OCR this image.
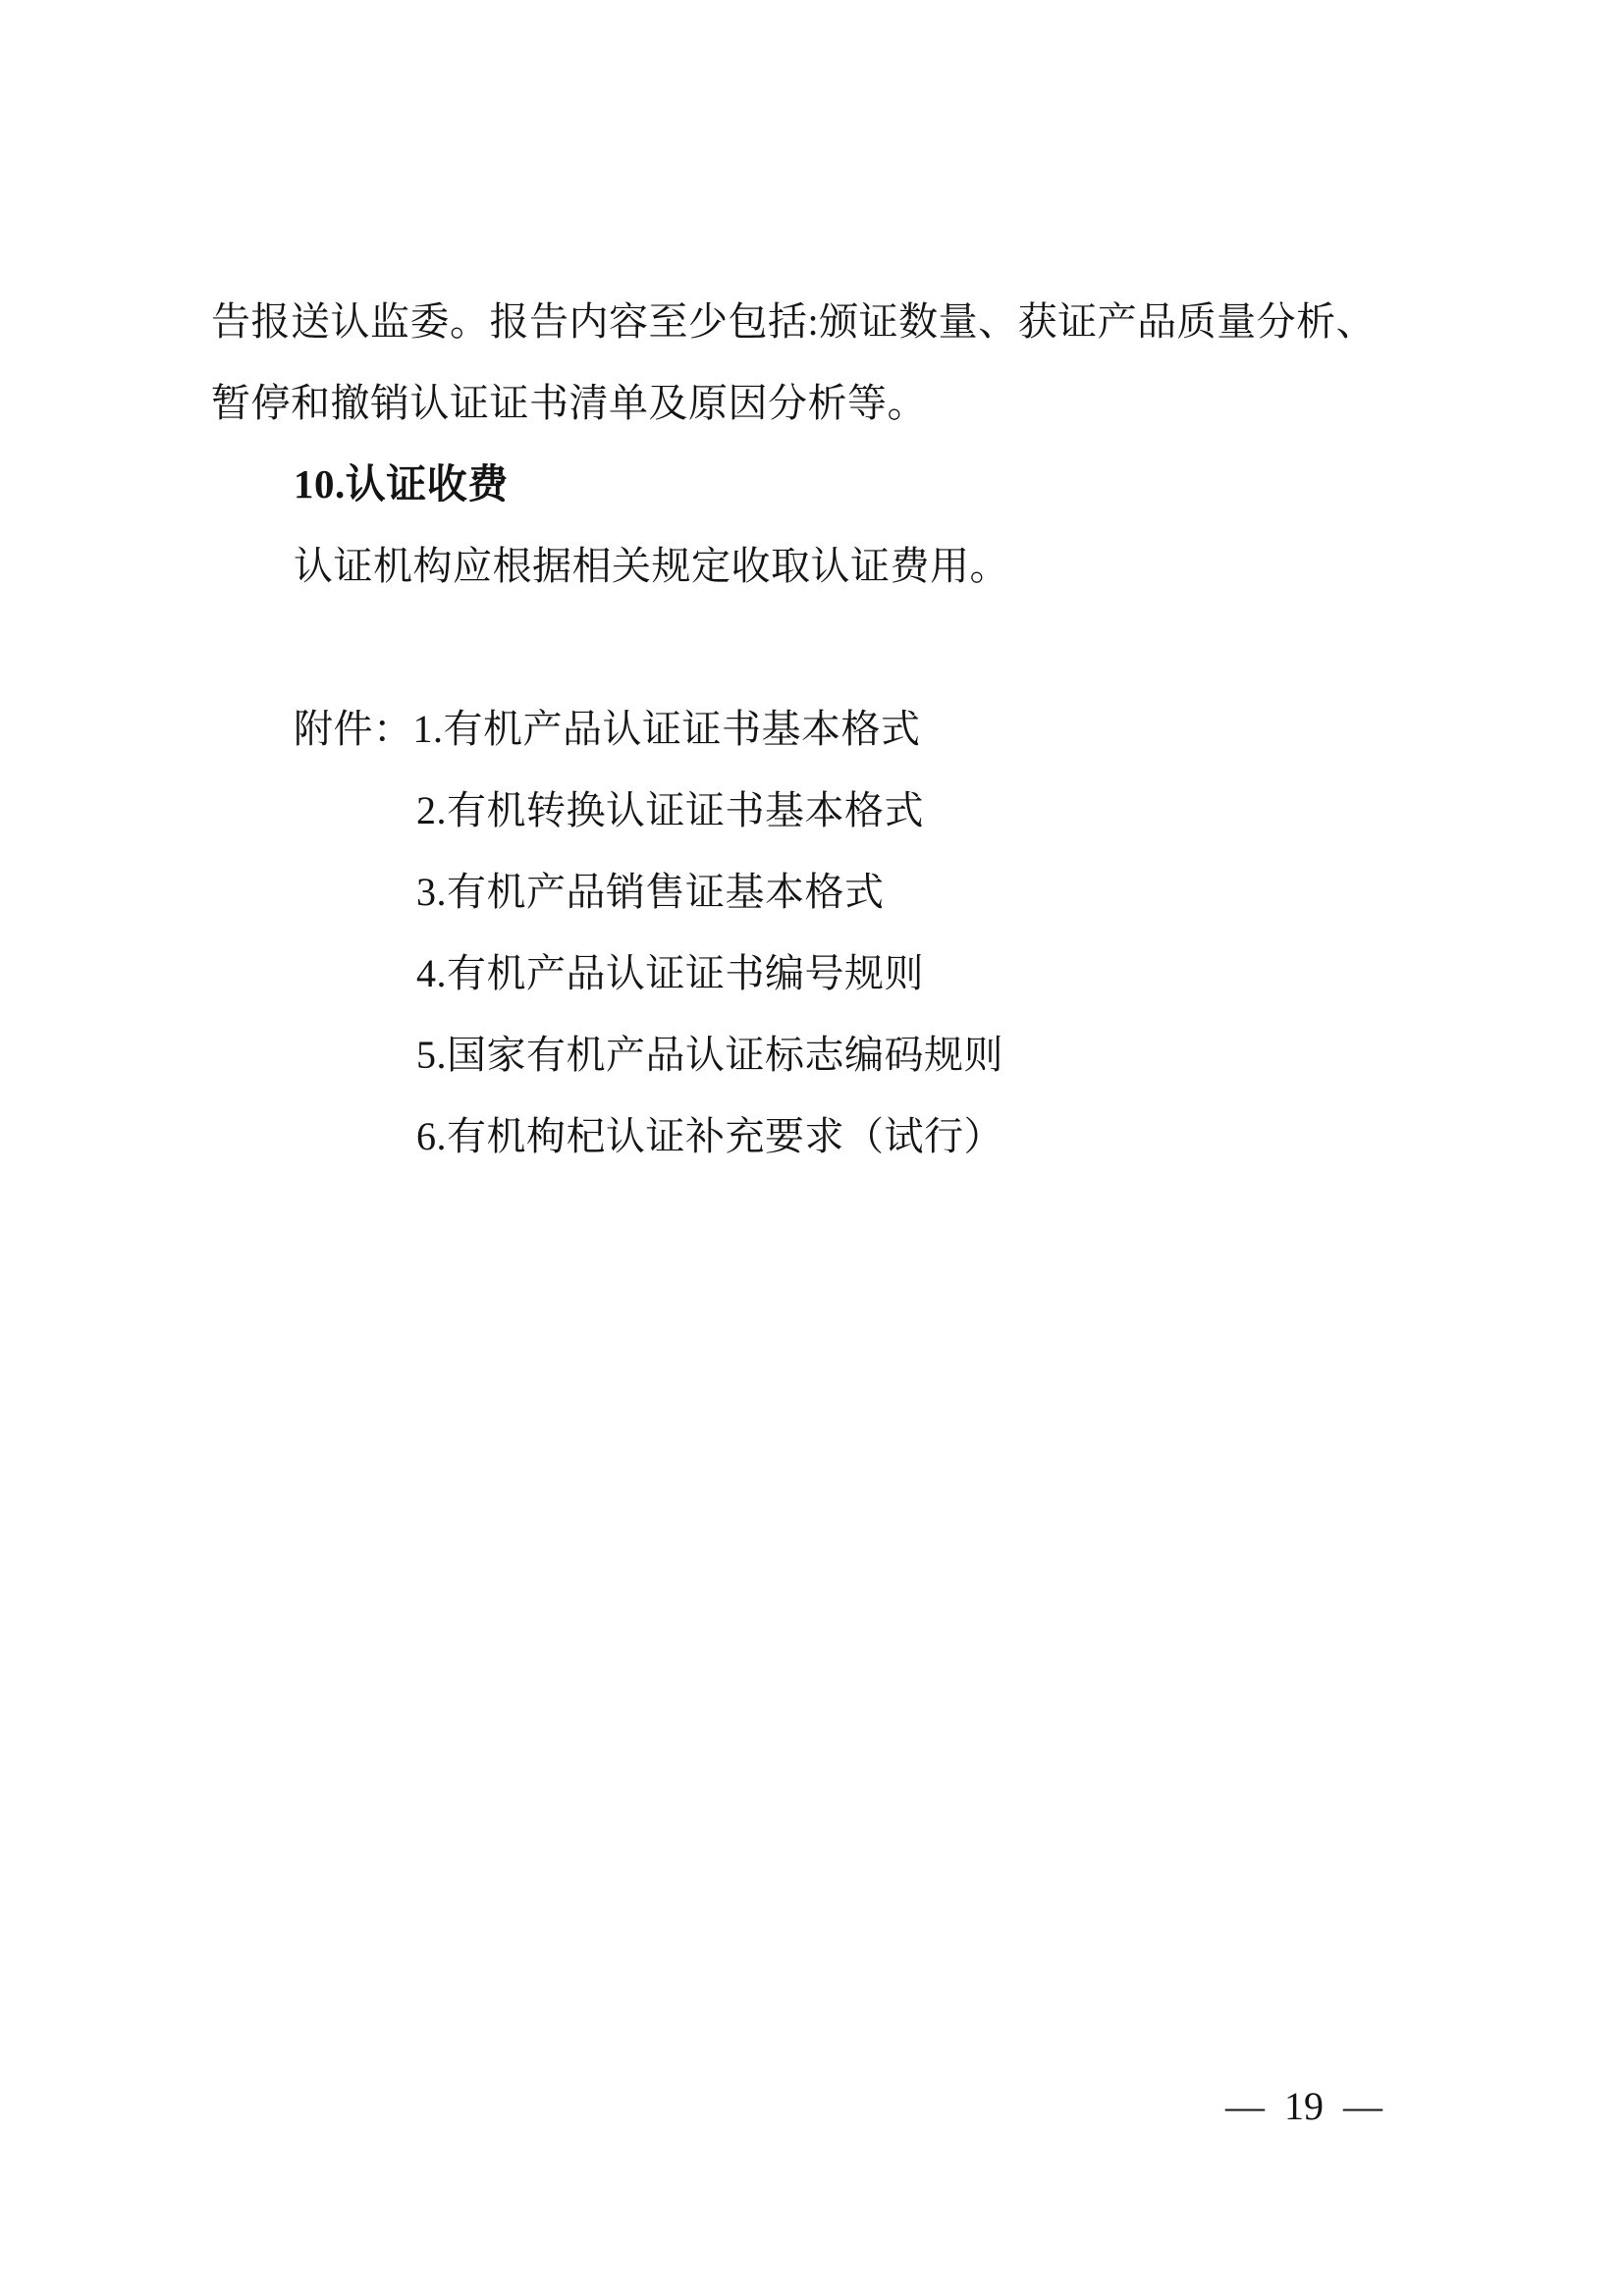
告报送认监委。报告内容至少包括:颁证数量、获证产品质量分析、
暂停和撤销认证证书清单及原因分析等。
10.认证收费
认证机构应根据相关规定收取认证费用。
附件：1.有机产品认证证书基本格式
2.有机转换认证证书基本格式
3.有机产品销售证基本格式
4.有机产品认证证书编号规则
5.国家有机产品认证标志编码规则
6.有机枸杞认证补充要求（试行）
— 19 —
